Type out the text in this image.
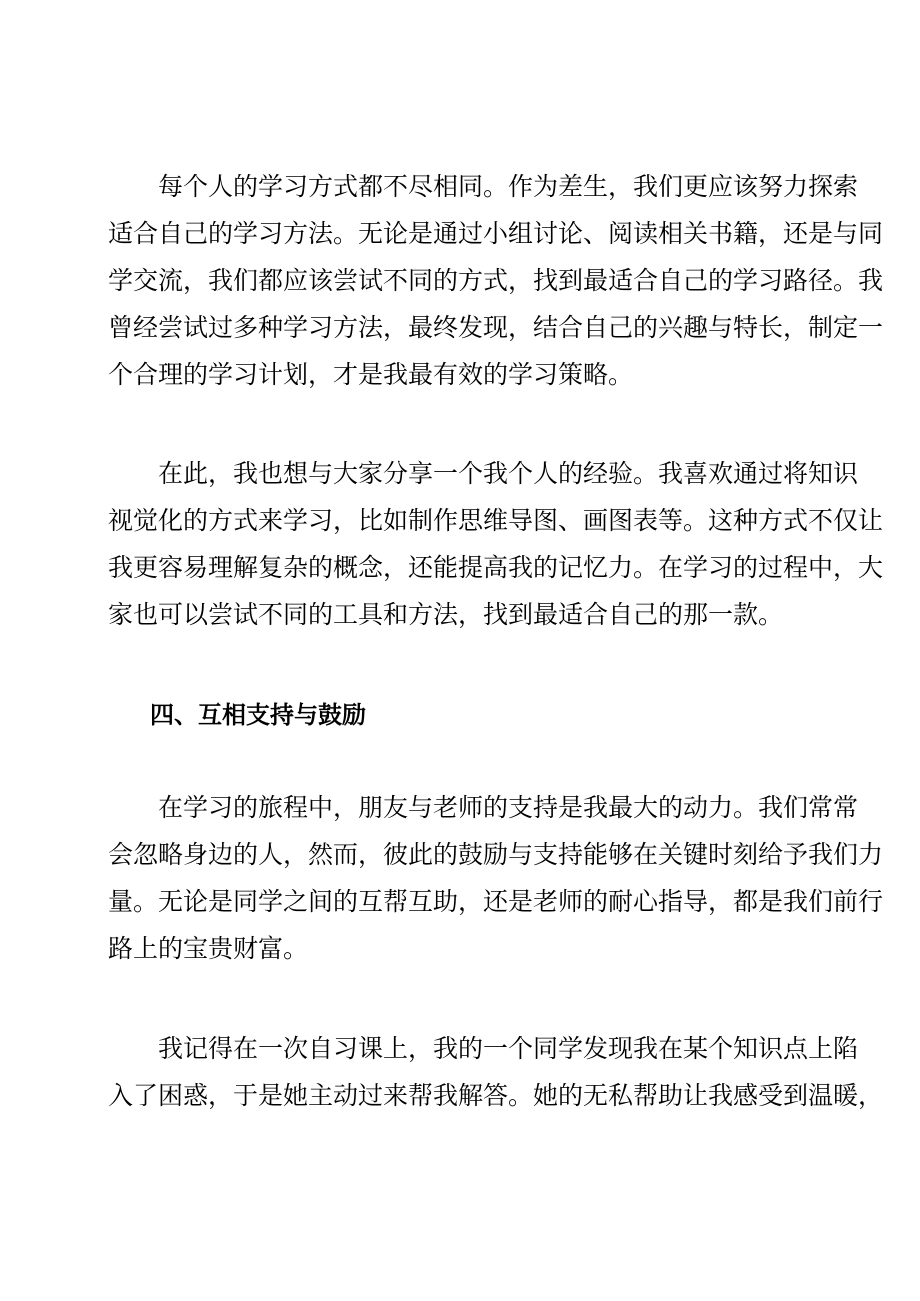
　　每个人的学习方式都不尽相同。作为差生，我们更应该努力探索
适合自己的学习方法。无论是通过小组讨论、阅读相关书籍，还是与同
学交流，我们都应该尝试不同的方式，找到最适合自己的学习路径。我
曾经尝试过多种学习方法，最终发现，结合自己的兴趣与特长，制定一
个合理的学习计划，才是我最有效的学习策略。
　　在此，我也想与大家分享一个我个人的经验。我喜欢通过将知识
视觉化的方式来学习，比如制作思维导图、画图表等。这种方式不仅让
我更容易理解复杂的概念，还能提高我的记忆力。在学习的过程中，大
家也可以尝试不同的工具和方法，找到最适合自己的那一款。
四、互相支持与鼓励
　　在学习的旅程中，朋友与老师的支持是我最大的动力。我们常常
会忽略身边的人，然而，彼此的鼓励与支持能够在关键时刻给予我们力
量。无论是同学之间的互帮互助，还是老师的耐心指导，都是我们前行
路上的宝贵财富。
　　我记得在一次自习课上，我的一个同学发现我在某个知识点上陷
入了困惑，于是她主动过来帮我解答。她的无私帮助让我感受到温暖，
